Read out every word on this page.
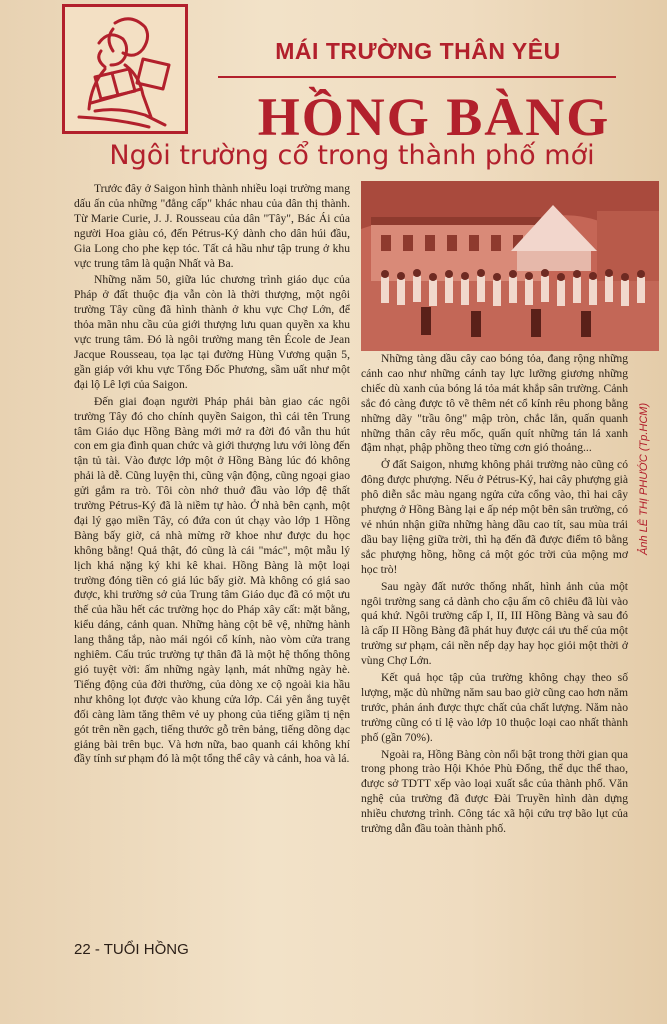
MÁI TRƯỜNG THÂN YÊU
HỒNG BÀNG
Ngôi trường cổ trong thành phố mới

Trước đây ở Saigon hình thành nhiều loại trường mang dấu ấn của những "đẳng cấp" khác nhau của dân thị thành. Từ Marie Curie, J. J. Rousseau của dân "Tây", Bác Ái của người Hoa giàu có, đến Pétrus-Ký dành cho dân húi đầu, Gia Long cho phe kẹp tóc. Tất cả hầu như tập trung ở khu vực trung tâm là quận Nhất và Ba.

Những năm 50, giữa lúc chương trình giáo dục của Pháp ở đất thuộc địa vẫn còn là thời thượng, một ngôi trường Tây cũng đã hình thành ở khu vực Chợ Lớn, để thỏa mãn nhu cầu của giới thượng lưu quan quyền xa khu vực trung tâm. Đó là ngôi trường mang tên École de Jean Jacque Rousseau, tọa lạc tại đường Hùng Vương quận 5, gần giáp với khu vực Tổng Đốc Phương, sầm uất như một đại lộ Lê lợi của Saigon.

Đến giai đoạn người Pháp phải bàn giao các ngôi trường Tây đó cho chính quyền Saigon, thì cái tên Trung tâm Giáo dục Hồng Bàng mới mở ra đời đó vẫn thu hút con em gia đình quan chức và giới thượng lưu với lòng đến tận tủ tài. Vào được lớp một ở Hồng Bàng lúc đó không phải là dễ. Cũng luyện thi, cũng vận động, cũng ngoại giao gửi gắm ra trò. Tôi còn nhớ thuở đầu vào lớp đệ thất trường Pétrus-Ký đã là niềm tự hào. Ở nhà bên cạnh, một đại lý gạo miền Tây, có đứa con út chạy vào lớp 1 Hồng Bàng bấy giờ, cả nhà mừng rỡ khoe như được du học không bằng! Quả thật, đó cũng là cái "mác", một mẫu lý lịch khá nặng ký khi kê khai. Hồng Bàng là một loại trường đóng tiền có giá lúc bấy giờ. Mà không có giá sao được, khi trường sở của Trung tâm Giáo dục đã có một ưu thế của hầu hết các trường học do Pháp xây cất: mặt bằng, kiểu dáng, cảnh quan. Những hàng cột bê vệ, những hành lang thẳng tắp, nào mái ngói cổ kính, nào vòm cửa trang nghiêm. Cấu trúc trường tự thân đã là một hệ thống thông gió tuyệt vời: ấm những ngày lạnh, mát những ngày hè. Tiếng động của đời thường, của dòng xe cộ ngoài kia hầu như không lọt được vào khung cửa lớp. Cái yên ắng tuyệt đối càng làm tăng thêm vẻ uy phong của tiếng giầm tị nện gót trên nền gạch, tiếng thước gỗ trên bảng, tiếng dõng dạc giảng bài trên bục. Và hơn nữa, bao quanh cái không khí đầy tính sư phạm đó là một tổng thể cây và cảnh, hoa và lá.

Ảnh LÊ THỊ PHƯỚC (Tp.HCM)

Những tàng dầu cây cao bóng tỏa, đang rộng những cánh cao như những cánh tay lực lưỡng giương những chiếc dù xanh của bóng lá tỏa mát khắp sân trường. Cảnh sắc đó càng được tô vẽ thêm nét cổ kính rêu phong bằng những dãy "trầu ông" mập tròn, chắc lẳn, quấn quanh những thân cây rêu mốc, quấn quít những tán lá xanh đậm nhạt, phập phồng theo từng cơn gió thoảng...

Ở đất Saigon, nhưng không phải trường nào cũng có đông được phượng. Nếu ở Pétrus-Ký, hai cây phượng già phô diễn sắc màu ngang ngửa cửa cổng vào, thì hai cây phượng ở Hồng Bàng lại e ấp nép một bên sân trường, có vẻ nhún nhận giữa những hàng dầu cao tít, sau mùa trái dầu bay liệng giữa trời, thì hạ đến đã được điểm tô bằng sắc phượng hồng, hồng cả một góc trời của mộng mơ học trò!

Sau ngày đất nước thống nhất, hình ảnh của một ngôi trường sang cả dành cho cậu ấm cô chiêu đã lùi vào quá khứ. Ngôi trường cấp I, II, III Hồng Bàng và sau đó là cấp II Hồng Bàng đã phát huy được cái ưu thế của một trường sư phạm, cái nền nếp dạy hay học giỏi một thời ở vùng Chợ Lớn.

Kết quả học tập của trường không chạy theo số lượng, mặc dù những năm sau bao giờ cũng cao hơn năm trước, phản ánh được thực chất của chất lượng. Năm nào trường cũng có tỉ lệ vào lớp 10 thuộc loại cao nhất thành phố (gần 70%).

Ngoài ra, Hồng Bàng còn nổi bật trong thời gian qua trong phong trào Hội Khỏe Phù Đổng, thể dục thể thao, được sở TDTT xếp vào loại xuất sắc của thành phố. Văn nghệ của trường đã được Đài Truyền hình dàn dựng nhiều chương trình. Công tác xã hội cứu trợ bão lụt của trường dẫn đầu toàn thành phố.

22 - TUỔI HỒNG
